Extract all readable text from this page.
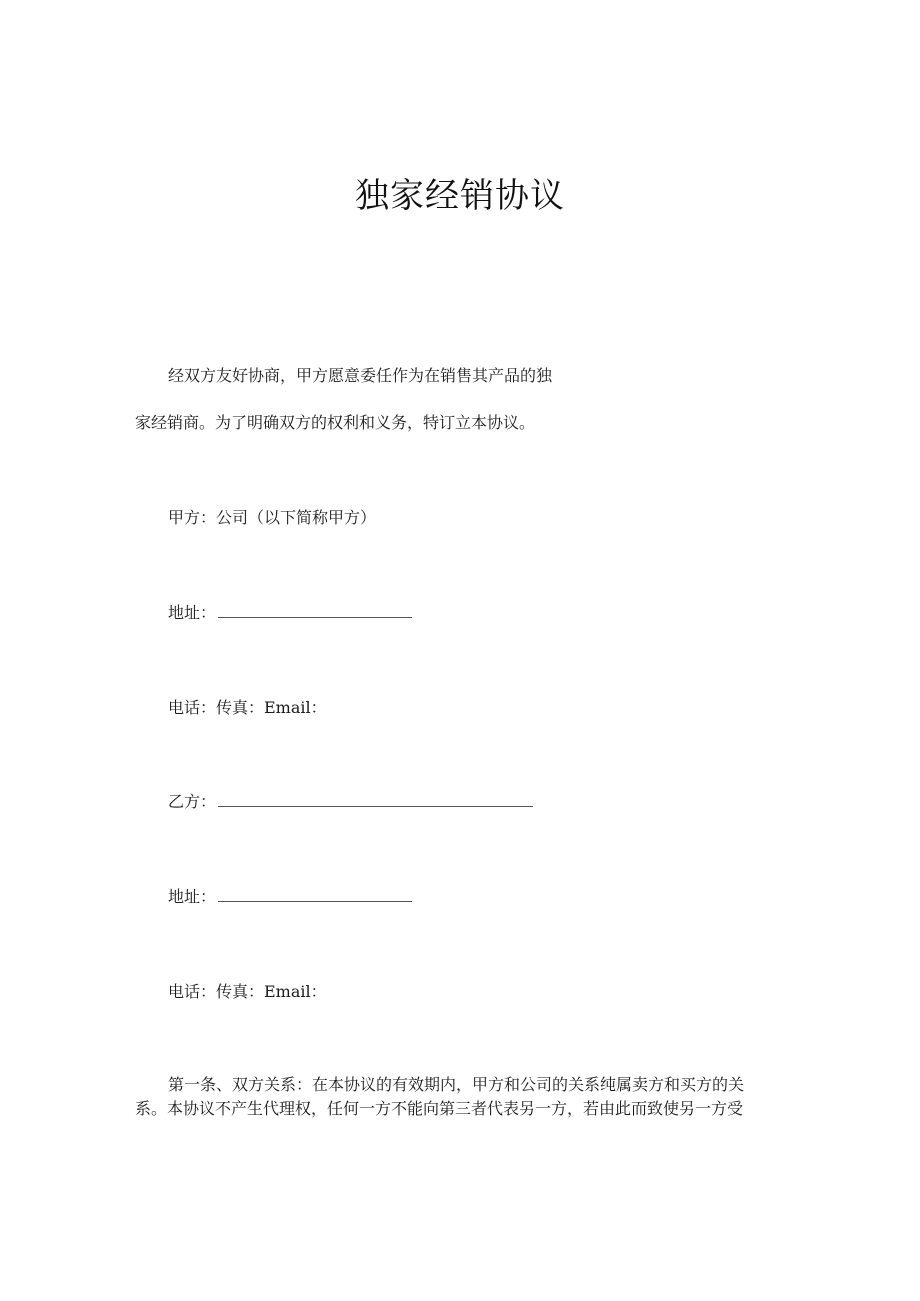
独家经销协议
经双方友好协商，甲方愿意委任作为在销售其产品的独
家经销商。为了明确双方的权利和义务，特订立本协议。
甲方：公司（以下简称甲方）
地址：
电话：传真：Email：
乙方：
地址：
电话：传真：Email：
第一条、双方关系：在本协议的有效期内，甲方和公司的关系纯属卖方和买方的关
系。本协议不产生代理权，任何一方不能向第三者代表另一方，若由此而致使另一方受
